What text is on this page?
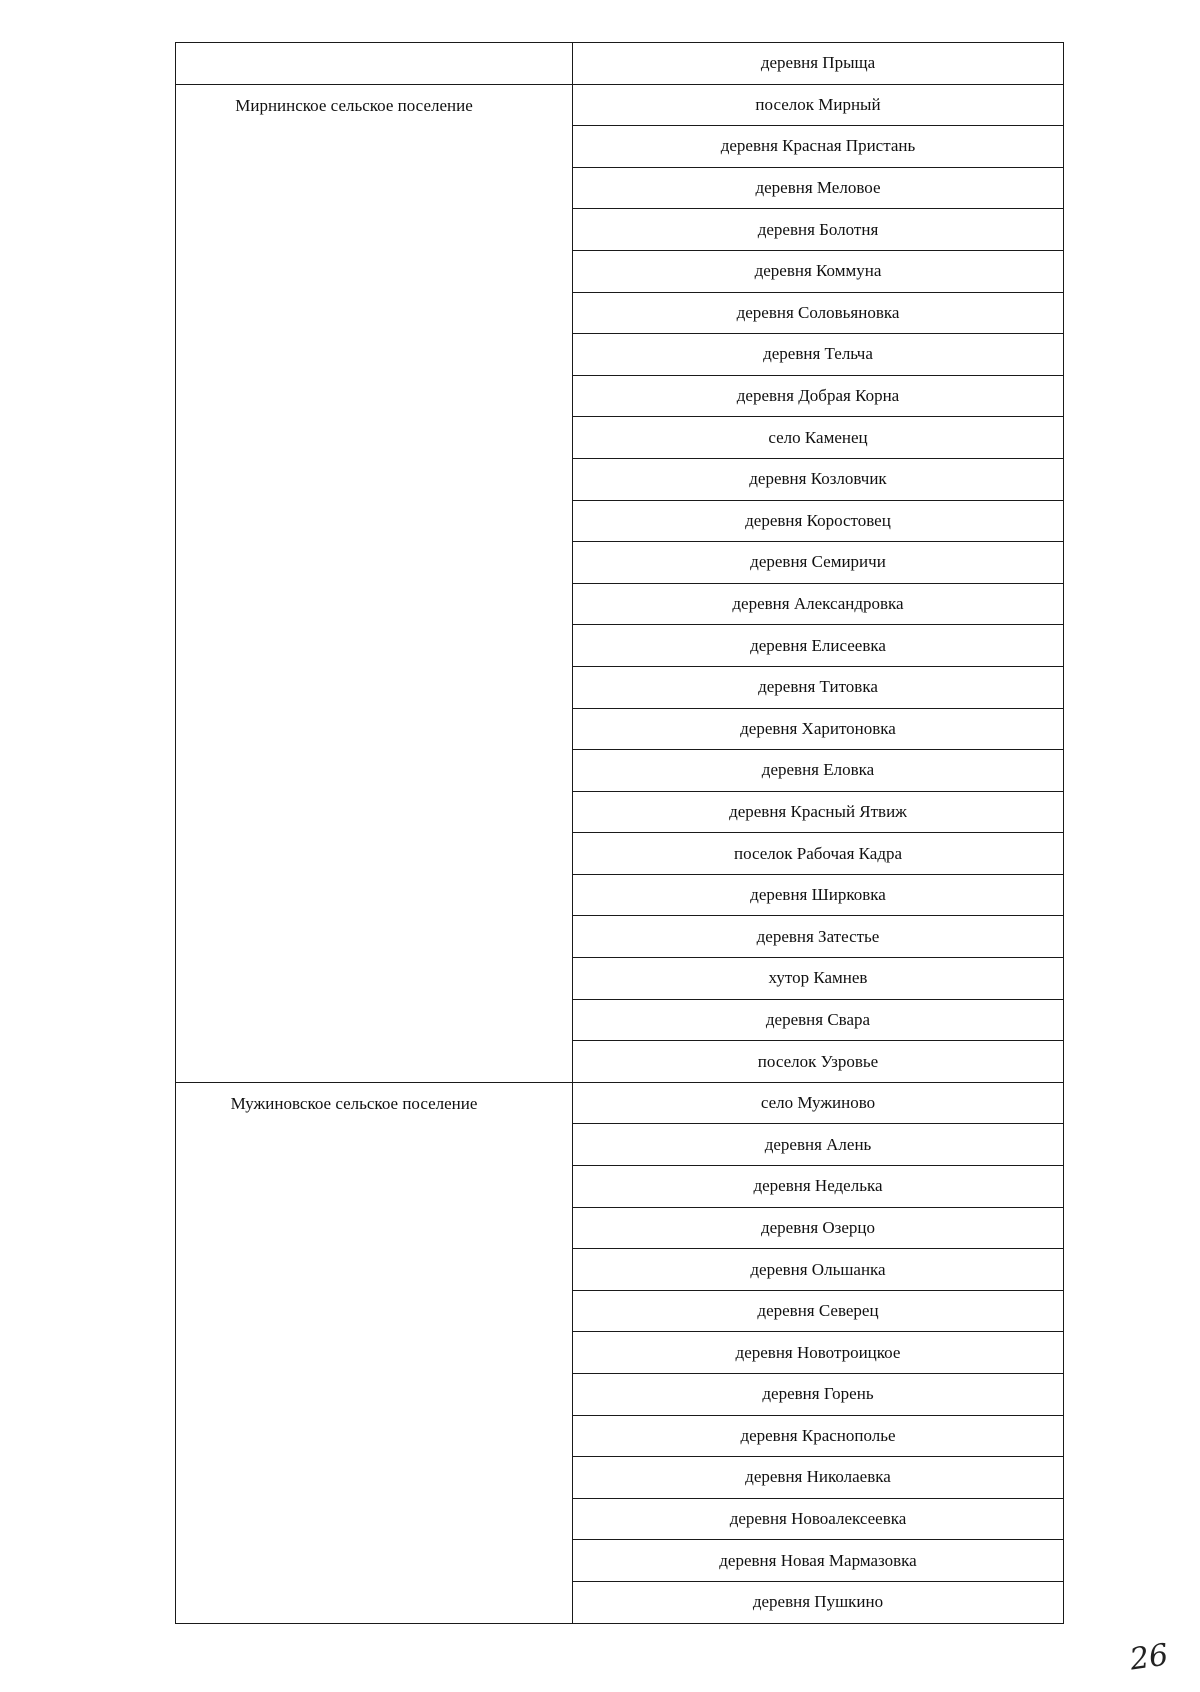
	деревня Прыща
Мирнинское сельское поселение	поселок Мирный
	деревня Красная Пристань
	деревня Меловое
	деревня Болотня
	деревня Коммуна
	деревня Соловьяновка
	деревня Тельча
	деревня Добрая Корна
	село Каменец
	деревня Козловчик
	деревня Коростовец
	деревня Семиричи
	деревня Александровка
	деревня Елисеевка
	деревня Титовка
	деревня Харитоновка
	деревня Еловка
	деревня Красный Ятвиж
	поселок Рабочая Кадра
	деревня Ширковка
	деревня Затестье
	хутор Камнев
	деревня Свара
	поселок Узровье
Мужиновское сельское поселение	село Мужиново
	деревня Алень
	деревня Неделька
	деревня Озерцо
	деревня Ольшанка
	деревня Северец
	деревня Новотроицкое
	деревня Горень
	деревня Краснополье
	деревня Николаевка
	деревня Новоалексеевка
	деревня Новая Мармазовка
	деревня Пушкино
26
